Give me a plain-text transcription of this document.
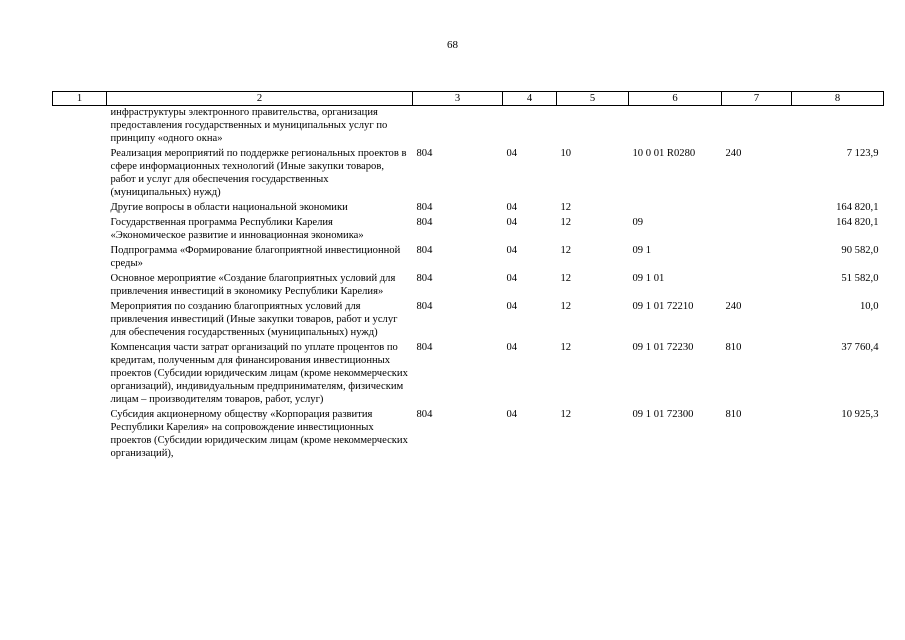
68
1	2	3	4	5	6	7	8
	инфраструктуры электронного правительства, организация предоставления государственных и муниципальных услуг по принципу «одного окна»						
	Реализация мероприятий по поддержке региональных проектов в сфере информационных технологий (Иные закупки товаров, работ и услуг для обеспечения государственных (муниципальных) нужд)	804	04	10	10 0 01 R0280	240	7 123,9
	Другие вопросы в области национальной экономики	804	04	12			164 820,1
	Государственная программа Республики Карелия «Экономическое развитие и инновационная экономика»	804	04	12	09		164 820,1
	Подпрограмма «Формирование благоприятной инвестиционной среды»	804	04	12	09 1		90 582,0
	Основное мероприятие «Создание благоприятных условий для привлечения инвестиций в экономику Республики Карелия»	804	04	12	09 1 01		51 582,0
	Мероприятия по созданию благоприятных условий для привлечения инвестиций (Иные закупки товаров, работ и услуг для обеспечения государственных (муниципальных) нужд)	804	04	12	09 1 01 72210	240	10,0
	Компенсация части затрат организаций по уплате процентов по кредитам, полученным для финансирования инвестиционных проектов (Субсидии юридическим лицам (кроме некоммерческих организаций), индивидуальным предпринимателям, физическим лицам – производителям товаров, работ, услуг)	804	04	12	09 1 01 72230	810	37 760,4
	Субсидия акционерному обществу «Корпорация развития Республики Карелия» на сопровождение инвестиционных проектов (Субсидии юридическим лицам (кроме некоммерческих организаций),	804	04	12	09 1 01 72300	810	10 925,3
